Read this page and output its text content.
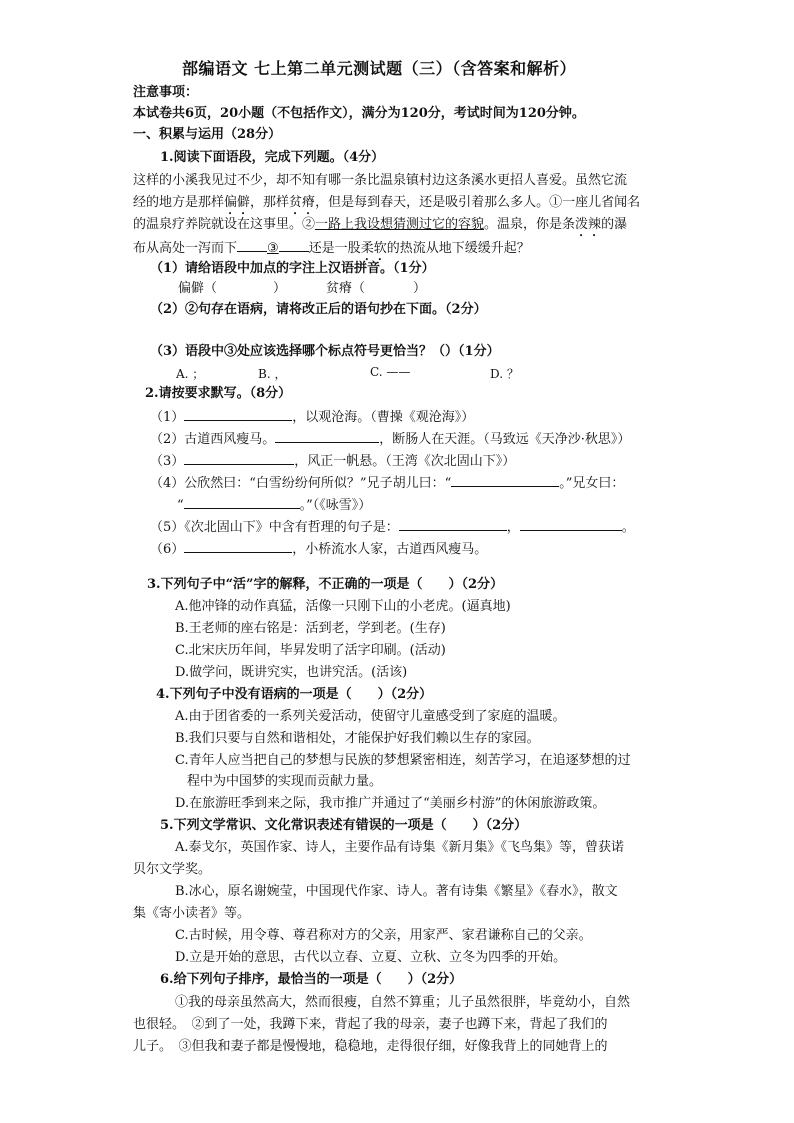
部编语文 七上第二单元测试题（三）（含答案和解析）
注意事项：
本试卷共6页，20小题（不包括作文），满分为120分，考试时间为120分钟。
一、积累与运用（28分）
1.阅读下面语段，完成下列题。（4分）
这样的小溪我见过不少，却不知有哪一条比温泉镇村边这条溪水更招人喜爱。虽然它流
经的地方是那样偏僻，那样贫瘠，但是每到春天，还是吸引着那么多人。①一座儿省闻名
的温泉疗养院就设在这事里。②一路上我设想猜测过它的容貌。温泉，你是条泼辣的瀑
布从高处一泻而下 ③ 还是一股柔软的热流从地下缓缓升起？
（1）请给语段中加点的字注上汉语拼音。（1分）
偏僻（	）	贫瘠（	）
（2）②句存在语病，请将改正后的语句抄在下面。（2分）
（3）语段中③处应该选择哪个标点符号更恰当？（）（1分）
A. ；	B. ，	C. ——	D. ？
2.请按要求默写。（8分）
（1）	，以观沧海。（曹操《观沧海》）
（2）古道西风瘦马。	，断肠人在天涯。（马致远《天净沙·秋思》）
（3）	，风正一帆悬。（王湾《次北固山下》）
（4）公欣然曰：“白雪纷纷何所似？”兄子胡儿曰：“	。”兄女曰：
“	。”（《咏雪》）
（5）《次北固山下》中含有哲理的句子是：	，	。
（6）	，小桥流水人家，古道西风瘦马。
3.下列句子中“活”字的解释，不正确的一项是（　　）（2分）
A.他冲锋的动作真猛，活像一只刚下山的小老虎。(逼真地)
B.王老师的座右铭是：活到老，学到老。(生存)
C.北宋庆历年间，毕昇发明了活字印刷。(活动)
D.做学问，既讲究实，也讲究活。(活该)
4.下列句子中没有语病的一项是（　　）（2分）
A.由于团省委的一系列关爱活动，使留守儿童感受到了家庭的温暖。
B.我们只要与自然和谐相处，才能保护好我们赖以生存的家园。
C.青年人应当把自己的梦想与民族的梦想紧密相连，刻苦学习，在追逐梦想的过
程中为中国梦的实现而贡献力量。
D.在旅游旺季到来之际，我市推广并通过了“美丽乡村游”的休闲旅游政策。
5.下列文学常识、文化常识表述有错误的一项是（　　）（2分）
A.泰戈尔，英国作家、诗人，主要作品有诗集《新月集》《飞鸟集》等，曾获诺
贝尔文学奖。
B.冰心，原名谢婉莹，中国现代作家、诗人。著有诗集《繁星》《春水》，散文
集《寄小读者》等。
C.古时候，用令尊、尊君称对方的父亲，用家严、家君谦称自己的父亲。
D.立是开始的意思，古代以立春、立夏、立秋、立冬为四季的开始。
6.给下列句子排序，最恰当的一项是（　　）（2分）
①我的母亲虽然高大，然而很瘦，自然不算重；儿子虽然很胖，毕竟幼小，自然
也很轻。　②到了一处，我蹲下来，背起了我的母亲，妻子也蹲下来，背起了我们的
儿子。　③但我和妻子都是慢慢地，稳稳地，走得很仔细，好像我背上的同她背上的
